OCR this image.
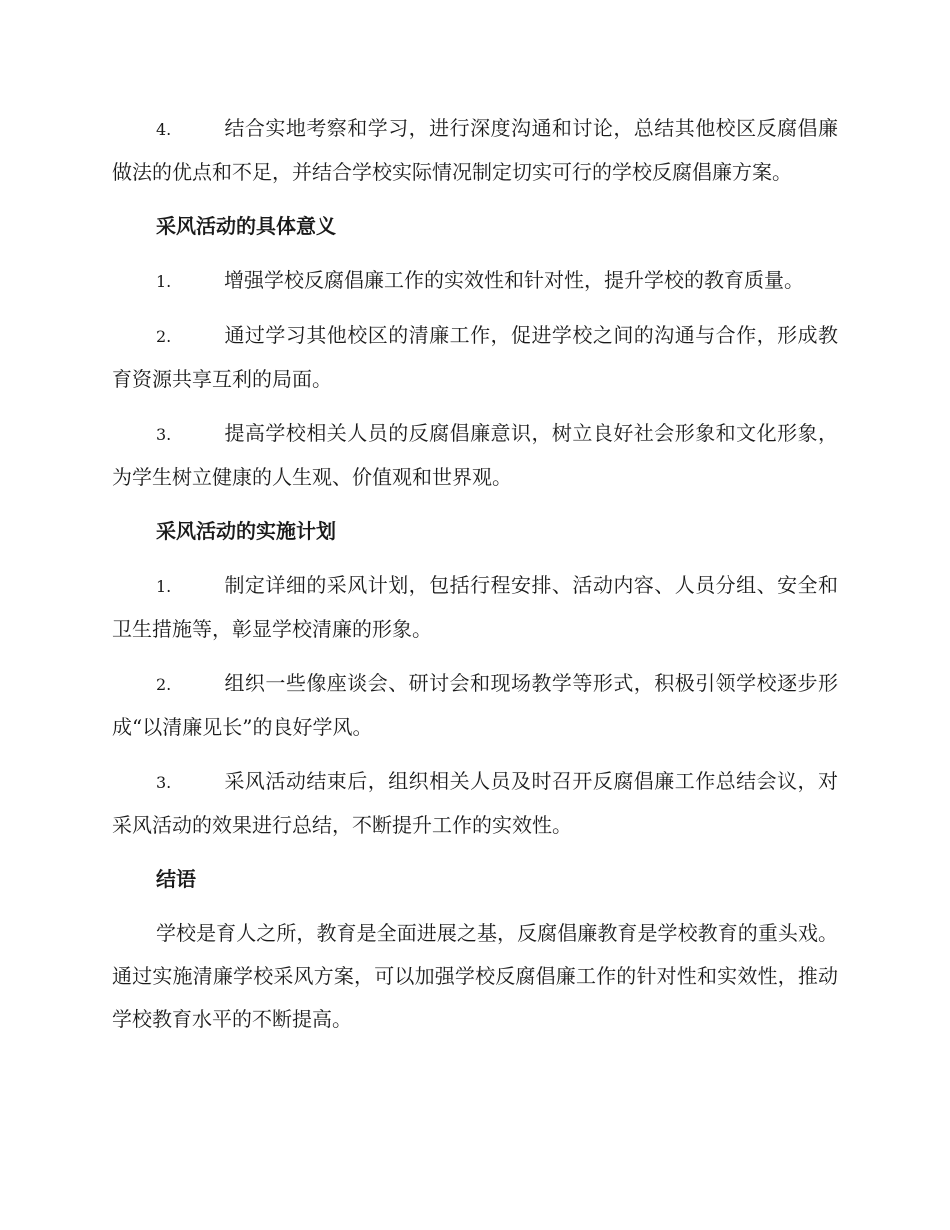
4.	结合实地考察和学习，进行深度沟通和讨论，总结其他校区反腐倡廉做法的优点和不足，并结合学校实际情况制定切实可行的学校反腐倡廉方案。

采风活动的具体意义

1.	增强学校反腐倡廉工作的实效性和针对性，提升学校的教育质量。

2.	通过学习其他校区的清廉工作，促进学校之间的沟通与合作，形成教育资源共享互利的局面。

3.	提高学校相关人员的反腐倡廉意识，树立良好社会形象和文化形象，为学生树立健康的人生观、价值观和世界观。

采风活动的实施计划

1.	制定详细的采风计划，包括行程安排、活动内容、人员分组、安全和卫生措施等，彰显学校清廉的形象。

2.	组织一些像座谈会、研讨会和现场教学等形式，积极引领学校逐步形成“以清廉见长”的良好学风。

3.	采风活动结束后，组织相关人员及时召开反腐倡廉工作总结会议，对采风活动的效果进行总结，不断提升工作的实效性。

结语

学校是育人之所，教育是全面进展之基，反腐倡廉教育是学校教育的重头戏。通过实施清廉学校采风方案，可以加强学校反腐倡廉工作的针对性和实效性，推动学校教育水平的不断提高。
